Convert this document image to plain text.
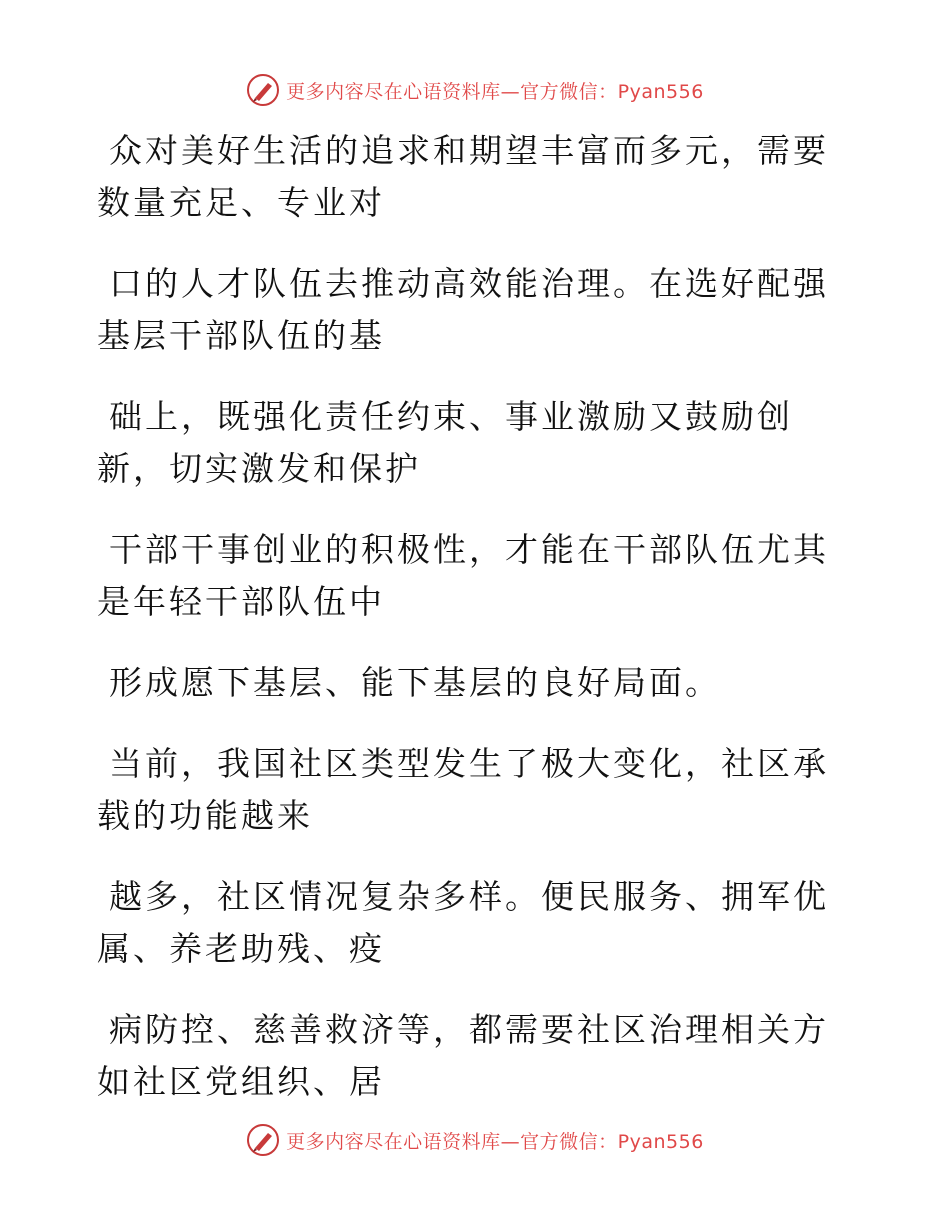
更多内容尽在心语资料库—官方微信：Pyan556

众对美好生活的追求和期望丰富而多元，需要数量充足、专业对

口的人才队伍去推动高效能治理。在选好配强基层干部队伍的基

础上，既强化责任约束、事业激励又鼓励创新，切实激发和保护

干部干事创业的积极性，才能在干部队伍尤其是年轻干部队伍中

形成愿下基层、能下基层的良好局面。

当前，我国社区类型发生了极大变化，社区承载的功能越来

越多，社区情况复杂多样。便民服务、拥军优属、养老助残、疫

病防控、慈善救济等，都需要社区治理相关方如社区党组织、居

更多内容尽在心语资料库—官方微信：Pyan556
